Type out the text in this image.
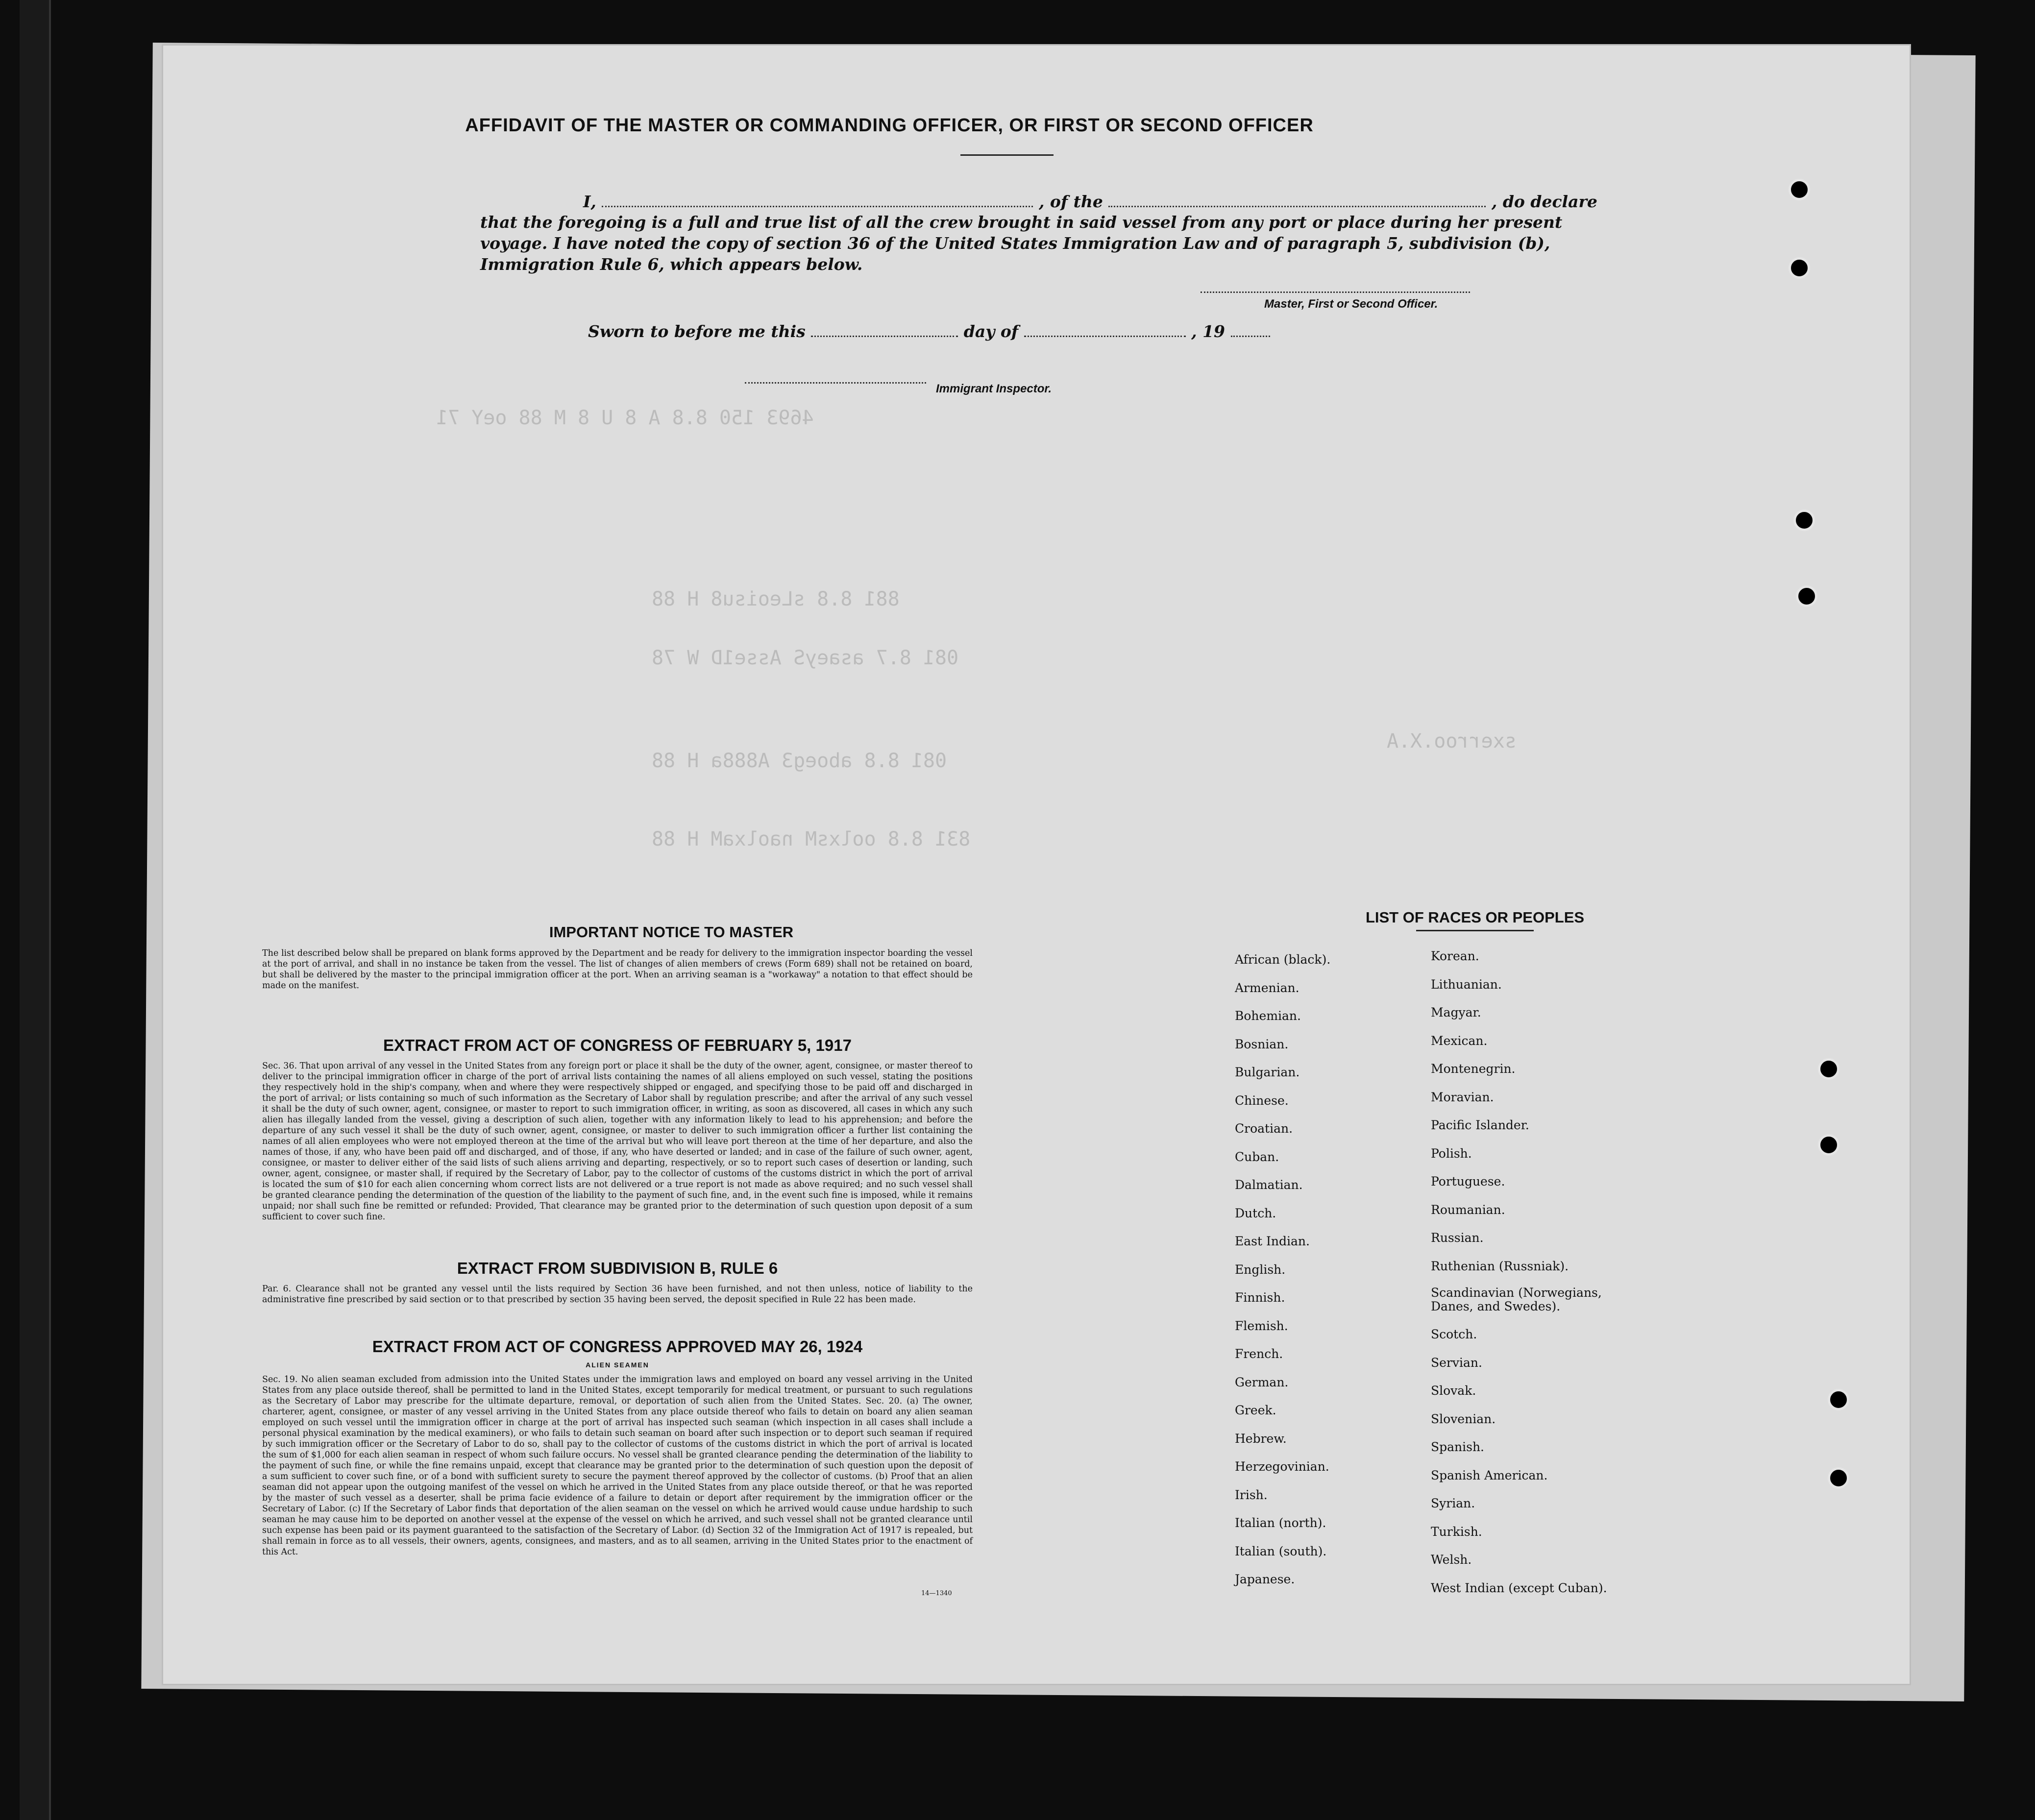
4693 150 8.8 A 8 U 8 M 88 oeY 71
881 8.8 sLeoisu8 H 88
081 8.7 asaeyS Asse1D W 78
081 8.8 aboeg3 A888a H 88
831 8.8 oolxsM naolxaM H 88
sxerroo.X.A
AFFIDAVIT OF THE MASTER OR COMMANDING OFFICER, OR FIRST OR SECOND OFFICER
I,	, of the	, do declare
that the foregoing is a full and true list of all the crew brought in said vessel from any port or place during her present
voyage. I have noted the copy of section 36 of the United States Immigration Law and of paragraph 5, subdivision (b),
Immigration Rule 6, which appears below.
Master, First or Second Officer.
Sworn to before me this	day of	, 19
Immigrant Inspector.
IMPORTANT NOTICE TO MASTER
The list described below shall be prepared on blank forms approved by the Department and be ready for delivery to the immigration inspector boarding the vessel at the port of arrival, and shall in no instance be taken from the vessel. The list of changes of alien members of crews (Form 689) shall not be retained on board, but shall be delivered by the master to the principal immigration officer at the port. When an arriving seaman is a "workaway" a notation to that effect should be made on the manifest.
EXTRACT FROM ACT OF CONGRESS OF FEBRUARY 5, 1917
Sec. 36. That upon arrival of any vessel in the United States from any foreign port or place it shall be the duty of the owner, agent, consignee, or master thereof to deliver to the principal immigration officer in charge of the port of arrival lists containing the names of all aliens employed on such vessel, stating the positions they respectively hold in the ship's company, when and where they were respectively shipped or engaged, and specifying those to be paid off and discharged in the port of arrival; or lists containing so much of such information as the Secretary of Labor shall by regulation prescribe; and after the arrival of any such vessel it shall be the duty of such owner, agent, consignee, or master to report to such immigration officer, in writing, as soon as discovered, all cases in which any such alien has illegally landed from the vessel, giving a description of such alien, together with any information likely to lead to his apprehension; and before the departure of any such vessel it shall be the duty of such owner, agent, consignee, or master to deliver to such immigration officer a further list containing the names of all alien employees who were not employed thereon at the time of the arrival but who will leave port thereon at the time of her departure, and also the names of those, if any, who have been paid off and discharged, and of those, if any, who have deserted or landed; and in case of the failure of such owner, agent, consignee, or master to deliver either of the said lists of such aliens arriving and departing, respectively, or so to report such cases of desertion or landing, such owner, agent, consignee, or master shall, if required by the Secretary of Labor, pay to the collector of customs of the customs district in which the port of arrival is located the sum of $10 for each alien concerning whom correct lists are not delivered or a true report is not made as above required; and no such vessel shall be granted clearance pending the determination of the question of the liability to the payment of such fine, and, in the event such fine is imposed, while it remains unpaid; nor shall such fine be remitted or refunded: Provided, That clearance may be granted prior to the determination of such question upon deposit of a sum sufficient to cover such fine.
EXTRACT FROM SUBDIVISION B, RULE 6
Par. 6. Clearance shall not be granted any vessel until the lists required by Section 36 have been furnished, and not then unless, notice of liability to the administrative fine prescribed by said section or to that prescribed by section 35 having been served, the deposit specified in Rule 22 has been made.
EXTRACT FROM ACT OF CONGRESS APPROVED MAY 26, 1924
ALIEN SEAMEN
Sec. 19. No alien seaman excluded from admission into the United States under the immigration laws and employed on board any vessel arriving in the United States from any place outside thereof, shall be permitted to land in the United States, except temporarily for medical treatment, or pursuant to such regulations as the Secretary of Labor may prescribe for the ultimate departure, removal, or deportation of such alien from the United States. Sec. 20. (a) The owner, charterer, agent, consignee, or master of any vessel arriving in the United States from any place outside thereof who fails to detain on board any alien seaman employed on such vessel until the immigration officer in charge at the port of arrival has inspected such seaman (which inspection in all cases shall include a personal physical examination by the medical examiners), or who fails to detain such seaman on board after such inspection or to deport such seaman if required by such immigration officer or the Secretary of Labor to do so, shall pay to the collector of customs of the customs district in which the port of arrival is located the sum of $1,000 for each alien seaman in respect of whom such failure occurs. No vessel shall be granted clearance pending the determination of the liability to the payment of such fine, or while the fine remains unpaid, except that clearance may be granted prior to the determination of such question upon the deposit of a sum sufficient to cover such fine, or of a bond with sufficient surety to secure the payment thereof approved by the collector of customs. (b) Proof that an alien seaman did not appear upon the outgoing manifest of the vessel on which he arrived in the United States from any place outside thereof, or that he was reported by the master of such vessel as a deserter, shall be prima facie evidence of a failure to detain or deport after requirement by the immigration officer or the Secretary of Labor. (c) If the Secretary of Labor finds that deportation of the alien seaman on the vessel on which he arrived would cause undue hardship to such seaman he may cause him to be deported on another vessel at the expense of the vessel on which he arrived, and such vessel shall not be granted clearance until such expense has been paid or its payment guaranteed to the satisfaction of the Secretary of Labor. (d) Section 32 of the Immigration Act of 1917 is repealed, but shall remain in force as to all vessels, their owners, agents, consignees, and masters, and as to all seamen, arriving in the United States prior to the enactment of this Act.
14—1340
LIST OF RACES OR PEOPLES
African (black).
Armenian.
Bohemian.
Bosnian.
Bulgarian.
Chinese.
Croatian.
Cuban.
Dalmatian.
Dutch.
East Indian.
English.
Finnish.
Flemish.
French.
German.
Greek.
Hebrew.
Herzegovinian.
Irish.
Italian (north).
Italian (south).
Japanese.
Korean.
Lithuanian.
Magyar.
Mexican.
Montenegrin.
Moravian.
Pacific Islander.
Polish.
Portuguese.
Roumanian.
Russian.
Ruthenian (Russniak).
Scandinavian (Norwegians,
Danes, and Swedes).
Scotch.
Servian.
Slovak.
Slovenian.
Spanish.
Spanish American.
Syrian.
Turkish.
Welsh.
West Indian (except Cuban).
